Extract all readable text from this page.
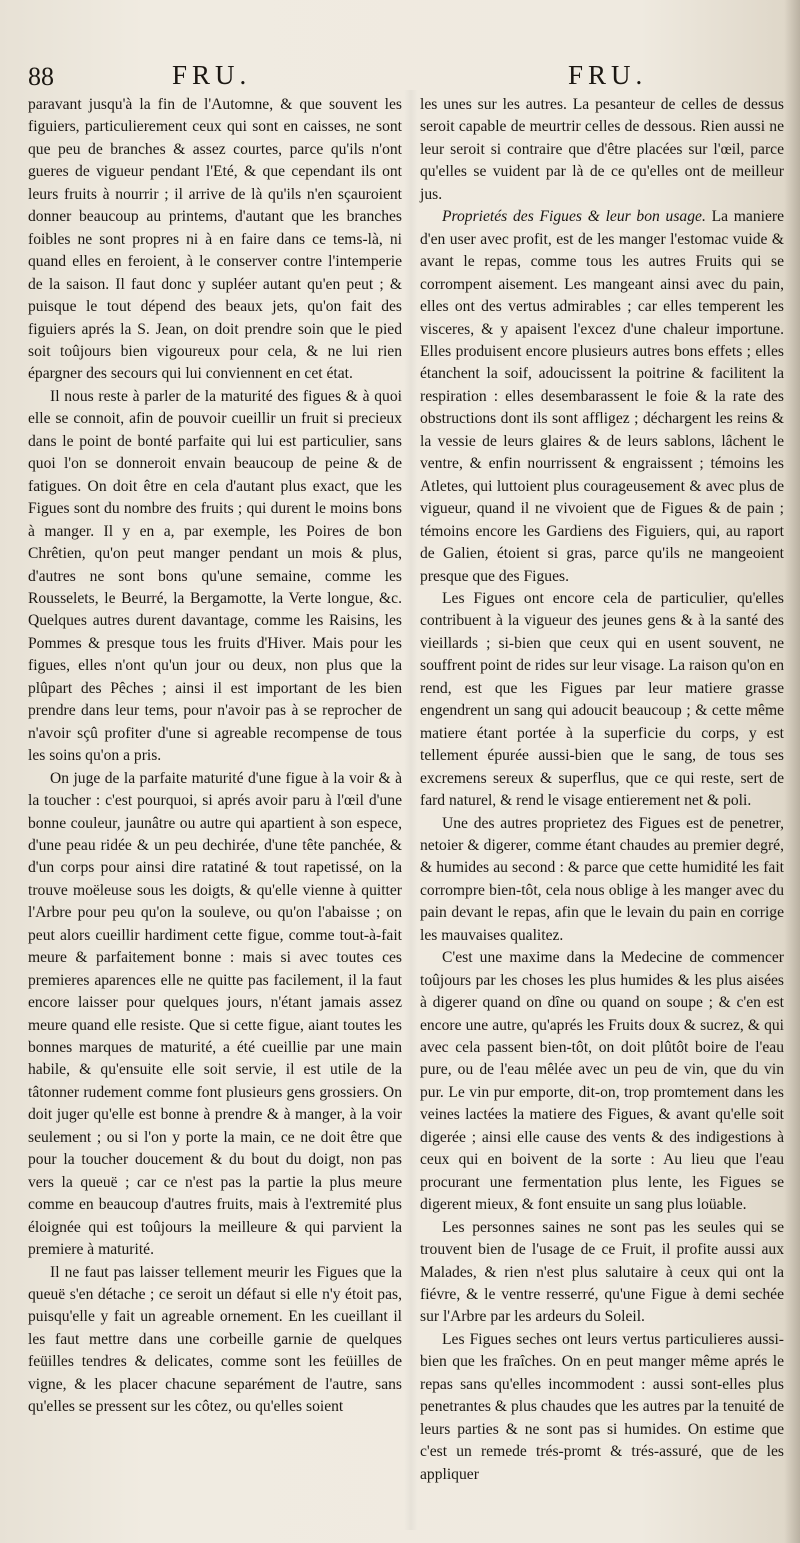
88	FRU.	FRU.

paravant jusqu'à la fin de l'Automne, & que souvent les figuiers, particulierement ceux qui sont en caisses, ne sont que peu de branches & assez courtes, parce qu'ils n'ont gueres de vigueur pendant l'Eté, & que cependant ils ont leurs fruits à nourrir ; il arrive de là qu'ils n'en sçauroient donner beaucoup au printems, d'autant que les branches foibles ne sont propres ni à en faire dans ce tems-là, ni quand elles en feroient, à le conserver contre l'intemperie de la saison. Il faut donc y supléer autant qu'en peut ; & puisque le tout dépend des beaux jets, qu'on fait des figuiers aprés la S. Jean, on doit prendre soin que le pied soit toûjours bien vigoureux pour cela, & ne lui rien épargner des secours qui lui conviennent en cet état.

Il nous reste à parler de la maturité des figues & à quoi elle se connoit, afin de pouvoir cueillir un fruit si precieux dans le point de bonté parfaite qui lui est particulier, sans quoi l'on se donneroit envain beaucoup de peine & de fatigues. On doit être en cela d'autant plus exact, que les Figues sont du nombre des fruits ; qui durent le moins bons à manger. Il y en a, par exemple, les Poires de bon Chrêtien, qu'on peut manger pendant un mois & plus, d'autres ne sont bons qu'une semaine, comme les Rousselets, le Beurré, la Bergamotte, la Verte longue, &c. Quelques autres durent davantage, comme les Raisins, les Pommes & presque tous les fruits d'Hiver. Mais pour les figues, elles n'ont qu'un jour ou deux, non plus que la plûpart des Pêches ; ainsi il est important de les bien prendre dans leur tems, pour n'avoir pas à se reprocher de n'avoir sçû profiter d'une si agreable recompense de tous les soins qu'on a pris.

On juge de la parfaite maturité d'une figue à la voir & à la toucher : c'est pourquoi, si aprés avoir paru à l'œil d'une bonne couleur, jaunâtre ou autre qui apartient à son espece, d'une peau ridée & un peu dechirée, d'une tête panchée, & d'un corps pour ainsi dire ratatiné & tout rapetissé, on la trouve moëleuse sous les doigts, & qu'elle vienne à quitter l'Arbre pour peu qu'on la souleve, ou qu'on l'abaisse ; on peut alors cueillir hardiment cette figue, comme tout-à-fait meure & parfaitement bonne : mais si avec toutes ces premieres aparences elle ne quitte pas facilement, il la faut encore laisser pour quelques jours, n'étant jamais assez meure quand elle resiste. Que si cette figue, aiant toutes les bonnes marques de maturité, a été cueillie par une main habile, & qu'ensuite elle soit servie, il est utile de la tâtonner rudement comme font plusieurs gens grossiers. On doit juger qu'elle est bonne à prendre & à manger, à la voir seulement ; ou si l'on y porte la main, ce ne doit être que pour la toucher doucement & du bout du doigt, non pas vers la queuë ; car ce n'est pas la partie la plus meure comme en beaucoup d'autres fruits, mais à l'extremité plus éloignée qui est toûjours la meilleure & qui parvient la premiere à maturité.

Il ne faut pas laisser tellement meurir les Figues que la queuë s'en détache ; ce seroit un défaut si elle n'y étoit pas, puisqu'elle y fait un agreable ornement. En les cueillant il les faut mettre dans une corbeille garnie de quelques feüilles tendres & delicates, comme sont les feüilles de vigne, & les placer chacune separément de l'autre, sans qu'elles se pressent sur les côtez, ou qu'elles soient

les unes sur les autres. La pesanteur de celles de dessus seroit capable de meurtrir celles de dessous. Rien aussi ne leur seroit si contraire que d'être placées sur l'œil, parce qu'elles se vuident par là de ce qu'elles ont de meilleur jus.

Proprietés des Figues & leur bon usage. La maniere d'en user avec profit, est de les manger l'estomac vuide & avant le repas, comme tous les autres Fruits qui se corrompent aisement. Les mangeant ainsi avec du pain, elles ont des vertus admirables ; car elles temperent les visceres, & y apaisent l'excez d'une chaleur importune. Elles produisent encore plusieurs autres bons effets ; elles étanchent la soif, adoucissent la poitrine & facilitent la respiration : elles desembarassent le foie & la rate des obstructions dont ils sont affligez ; déchargent les reins & la vessie de leurs glaires & de leurs sablons, lâchent le ventre, & enfin nourrissent & engraissent ; témoins les Atletes, qui luttoient plus courageusement & avec plus de vigueur, quand il ne vivoient que de Figues & de pain ; témoins encore les Gardiens des Figuiers, qui, au raport de Galien, étoient si gras, parce qu'ils ne mangeoient presque que des Figues.

Les Figues ont encore cela de particulier, qu'elles contribuent à la vigueur des jeunes gens & à la santé des vieillards ; si-bien que ceux qui en usent souvent, ne souffrent point de rides sur leur visage. La raison qu'on en rend, est que les Figues par leur matiere grasse engendrent un sang qui adoucit beaucoup ; & cette même matiere étant portée à la superficie du corps, y est tellement épurée aussi-bien que le sang, de tous ses excremens sereux & superflus, que ce qui reste, sert de fard naturel, & rend le visage entierement net & poli.

Une des autres proprietez des Figues est de penetrer, netoier & digerer, comme étant chaudes au premier degré, & humides au second : & parce que cette humidité les fait corrompre bien-tôt, cela nous oblige à les manger avec du pain devant le repas, afin que le levain du pain en corrige les mauvaises qualitez.

C'est une maxime dans la Medecine de commencer toûjours par les choses les plus humides & les plus aisées à digerer quand on dîne ou quand on soupe ; & c'en est encore une autre, qu'aprés les Fruits doux & sucrez, & qui avec cela passent bien-tôt, on doit plûtôt boire de l'eau pure, ou de l'eau mêlée avec un peu de vin, que du vin pur. Le vin pur emporte, dit-on, trop promtement dans les veines lactées la matiere des Figues, & avant qu'elle soit digerée ; ainsi elle cause des vents & des indigestions à ceux qui en boivent de la sorte : Au lieu que l'eau procurant une fermentation plus lente, les Figues se digerent mieux, & font ensuite un sang plus loüable.

Les personnes saines ne sont pas les seules qui se trouvent bien de l'usage de ce Fruit, il profite aussi aux Malades, & rien n'est plus salutaire à ceux qui ont la fiévre, & le ventre resserré, qu'une Figue à demi sechée sur l'Arbre par les ardeurs du Soleil.

Les Figues seches ont leurs vertus particulieres aussi-bien que les fraîches. On en peut manger même aprés le repas sans qu'elles incommodent : aussi sont-elles plus penetrantes & plus chaudes que les autres par la tenuité de leurs parties & ne sont pas si humides. On estime que c'est un remede trés-promt & trés-assuré, que de les appliquer
